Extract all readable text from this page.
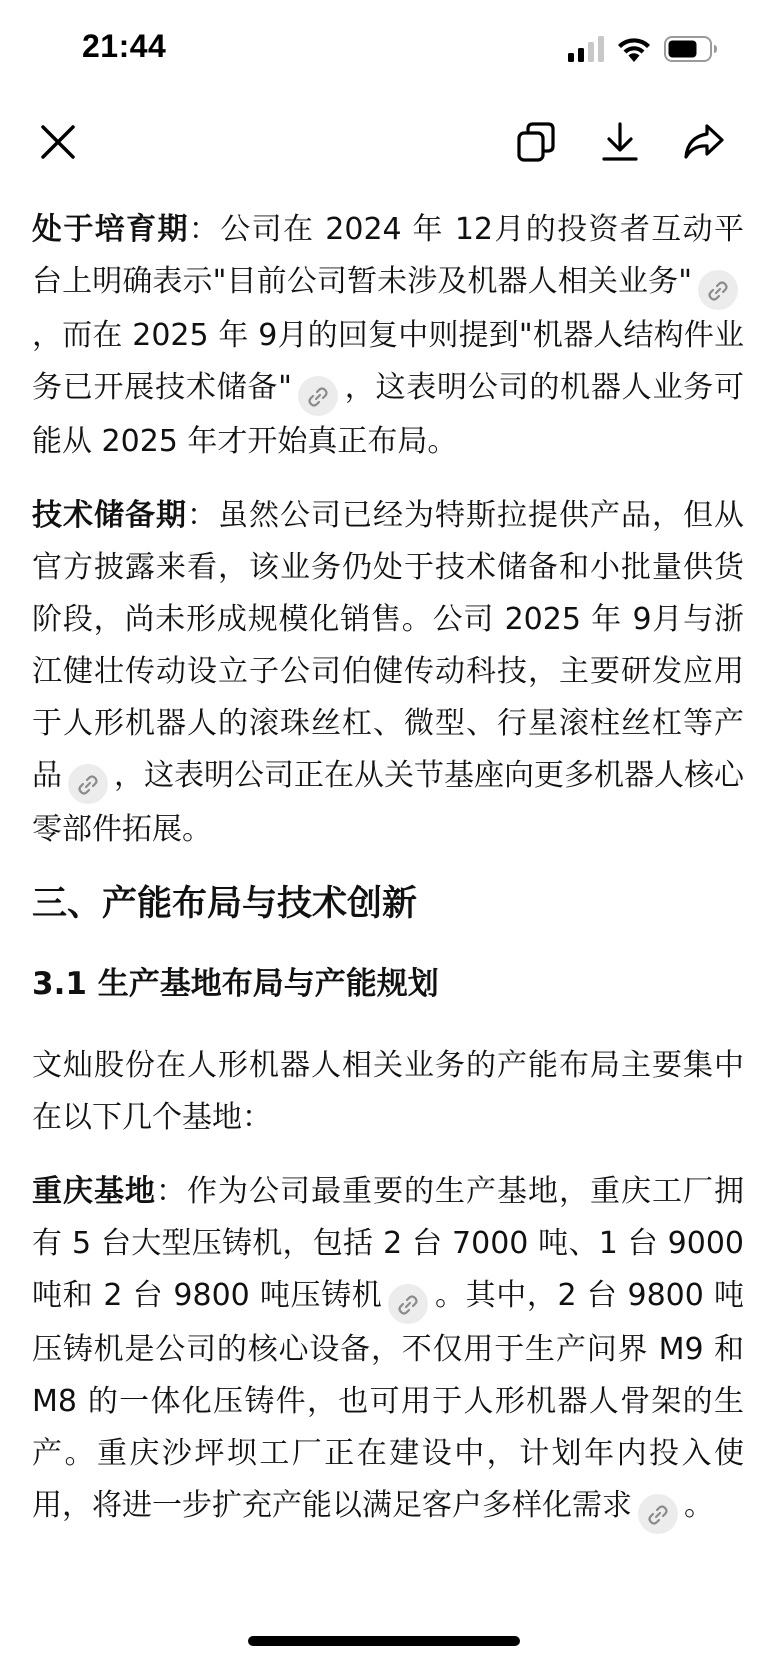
21:44

处于培育期：公司在 2024 年 12月的投资者互动平台上明确表示"目前公司暂未涉及机器人相关业务"，而在 2025 年 9月的回复中则提到"机器人结构件业务已开展技术储备" ，这表明公司的机器人业务可能从 2025 年才开始真正布局。

技术储备期：虽然公司已经为特斯拉提供产品，但从官方披露来看，该业务仍处于技术储备和小批量供货阶段，尚未形成规模化销售。公司 2025 年 9月与浙江健壮传动设立子公司伯健传动科技，主要研发应用于人形机器人的滚珠丝杠、微型、行星滚柱丝杠等产品 ，这表明公司正在从关节基座向更多机器人核心零部件拓展。

三、产能布局与技术创新
3.1 生产基地布局与产能规划

文灿股份在人形机器人相关业务的产能布局主要集中在以下几个基地：

重庆基地：作为公司最重要的生产基地，重庆工厂拥有 5 台大型压铸机，包括 2 台 7000 吨、1 台 9000 吨和 2 台 9800 吨压铸机 。其中，2 台 9800 吨压铸机是公司的核心设备，不仅用于生产问界 M9 和 M8 的一体化压铸件，也可用于人形机器人骨架的生产。重庆沙坪坝工厂正在建设中，计划年内投入使用，将进一步扩充产能以满足客户多样化需求 。
